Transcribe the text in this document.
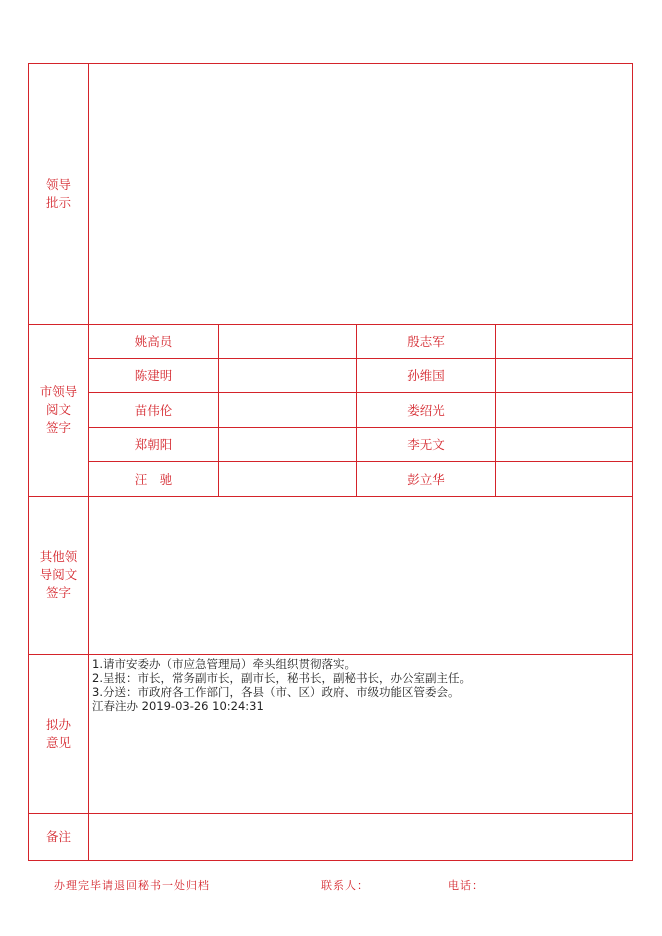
领导
批示
市领导
阅文
签字
其他领
导阅文
签字
拟办
意见
备注
姚高员
陈建明
苗伟伦
郑朝阳
汪　驰
殷志军
孙维国
娄绍光
李无文
彭立华
1.请市安委办（市应急管理局）牵头组织贯彻落实。
2.呈报：市长，常务副市长，副市长，秘书长，副秘书长，办公室副主任。
3.分送：市政府各工作部门，各县（市、区）政府、市级功能区管委会。
江春注办 2019-03-26 10:24:31
办理完毕请退回秘书一处归档	联系人：	电话：
